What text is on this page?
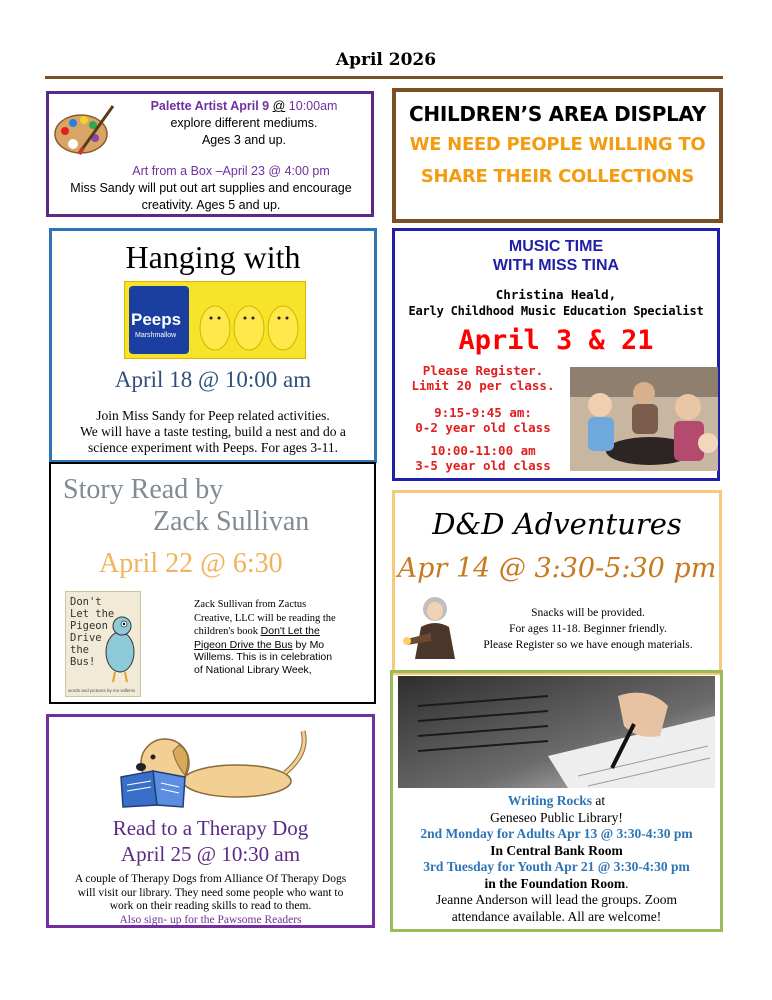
April 2026
Palette Artist April 9 @ 10:00am
explore different mediums.
Ages 3 and up.
Art from a Box –April 23 @ 4:00 pm
Miss Sandy will put out art supplies and encourage
creativity. Ages 5 and up.
CHILDREN’S AREA DISPLAY
WE NEED PEOPLE WILLING TO
SHARE THEIR COLLECTIONS
Hanging with
Peeps
Marshmallow
April 18 @ 10:00 am
Join Miss Sandy for Peep related activities.
We will have a taste testing, build a nest and do a
science experiment with Peeps. For ages 3-11.
Story Read by
Zack Sullivan
April 22 @ 6:30
Don't
Let the
Pigeon
Drive
the
Bus!
words and pictures by mo willems
Zack Sullivan from Zactus
Creative, LLC will be reading the
children's book Don't Let the
Pigeon Drive the Bus by Mo
Willems. This is in celebration
of National Library Week,
MUSIC TIME
WITH MISS TINA
Christina Heald,
Early Childhood Music Education Specialist
April 3 & 21
Please Register.
Limit 20 per class.
9:15-9:45 am:
0-2 year old class
10:00-11:00 am
3-5 year old class
D&D Adventures
Apr 14 @ 3:30-5:30 pm
Snacks will be provided.
For ages 11-18. Beginner friendly.
Please Register so we have enough materials.
Writing Rocks at
Geneseo Public Library!
2nd Monday for Adults Apr 13 @ 3:30-4:30 pm
In Central Bank Room
3rd Tuesday for Youth Apr 21 @ 3:30-4:30 pm
in the Foundation Room.
Jeanne Anderson will lead the groups. Zoom
attendance available. All are welcome!
Read to a Therapy Dog
April 25 @ 10:30 am
A couple of Therapy Dogs from Alliance Of Therapy Dogs
will visit our library. They need some people who want to
work on their reading skills to read to them.
Also sign- up for the Pawsome Readers
